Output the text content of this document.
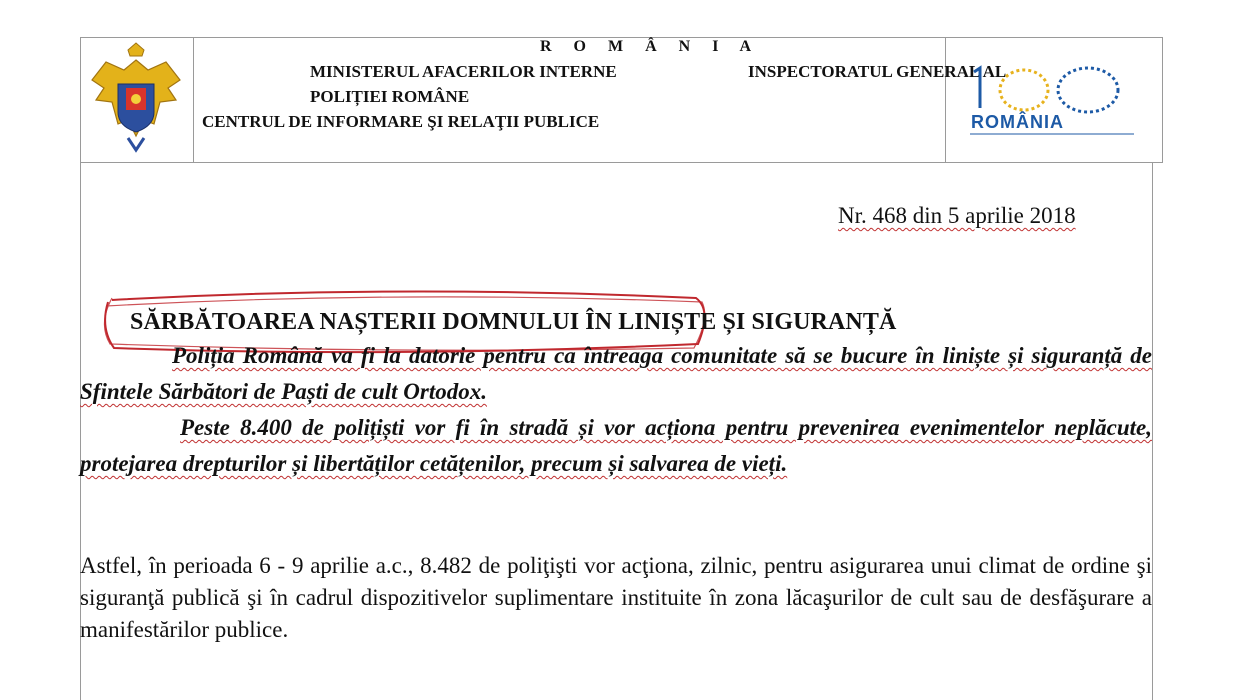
R O M Â N I A
MINISTERUL AFACERILOR INTERNE	INSPECTORATUL GENERAL AL
POLIȚIEI ROMÂNE
CENTRUL DE INFORMARE ŞI RELAŢII PUBLICE	ROMÂNIA
Nr. 468 din 5 aprilie 2018
SĂRBĂTOAREA NAȘTERII DOMNULUI ÎN LINIȘTE ȘI SIGURANȚĂ
Poliția Română va fi la datorie pentru ca întreaga comunitate să se bucure în liniște și siguranță de Sfintele Sărbători de Paști de cult Ortodox.
Peste 8.400 de polițiști vor fi în stradă și vor acționa pentru prevenirea evenimentelor neplăcute, protejarea drepturilor și libertăților cetățenilor, precum și salvarea de vieți.
Astfel, în perioada 6 - 9 aprilie a.c., 8.482 de poliţişti vor acţiona, zilnic, pentru asigurarea unui climat de ordine şi siguranţă publică şi în cadrul dispozitivelor suplimentare instituite în zona lăcaşurilor de cult sau de desfăşurare a manifestărilor publice.
